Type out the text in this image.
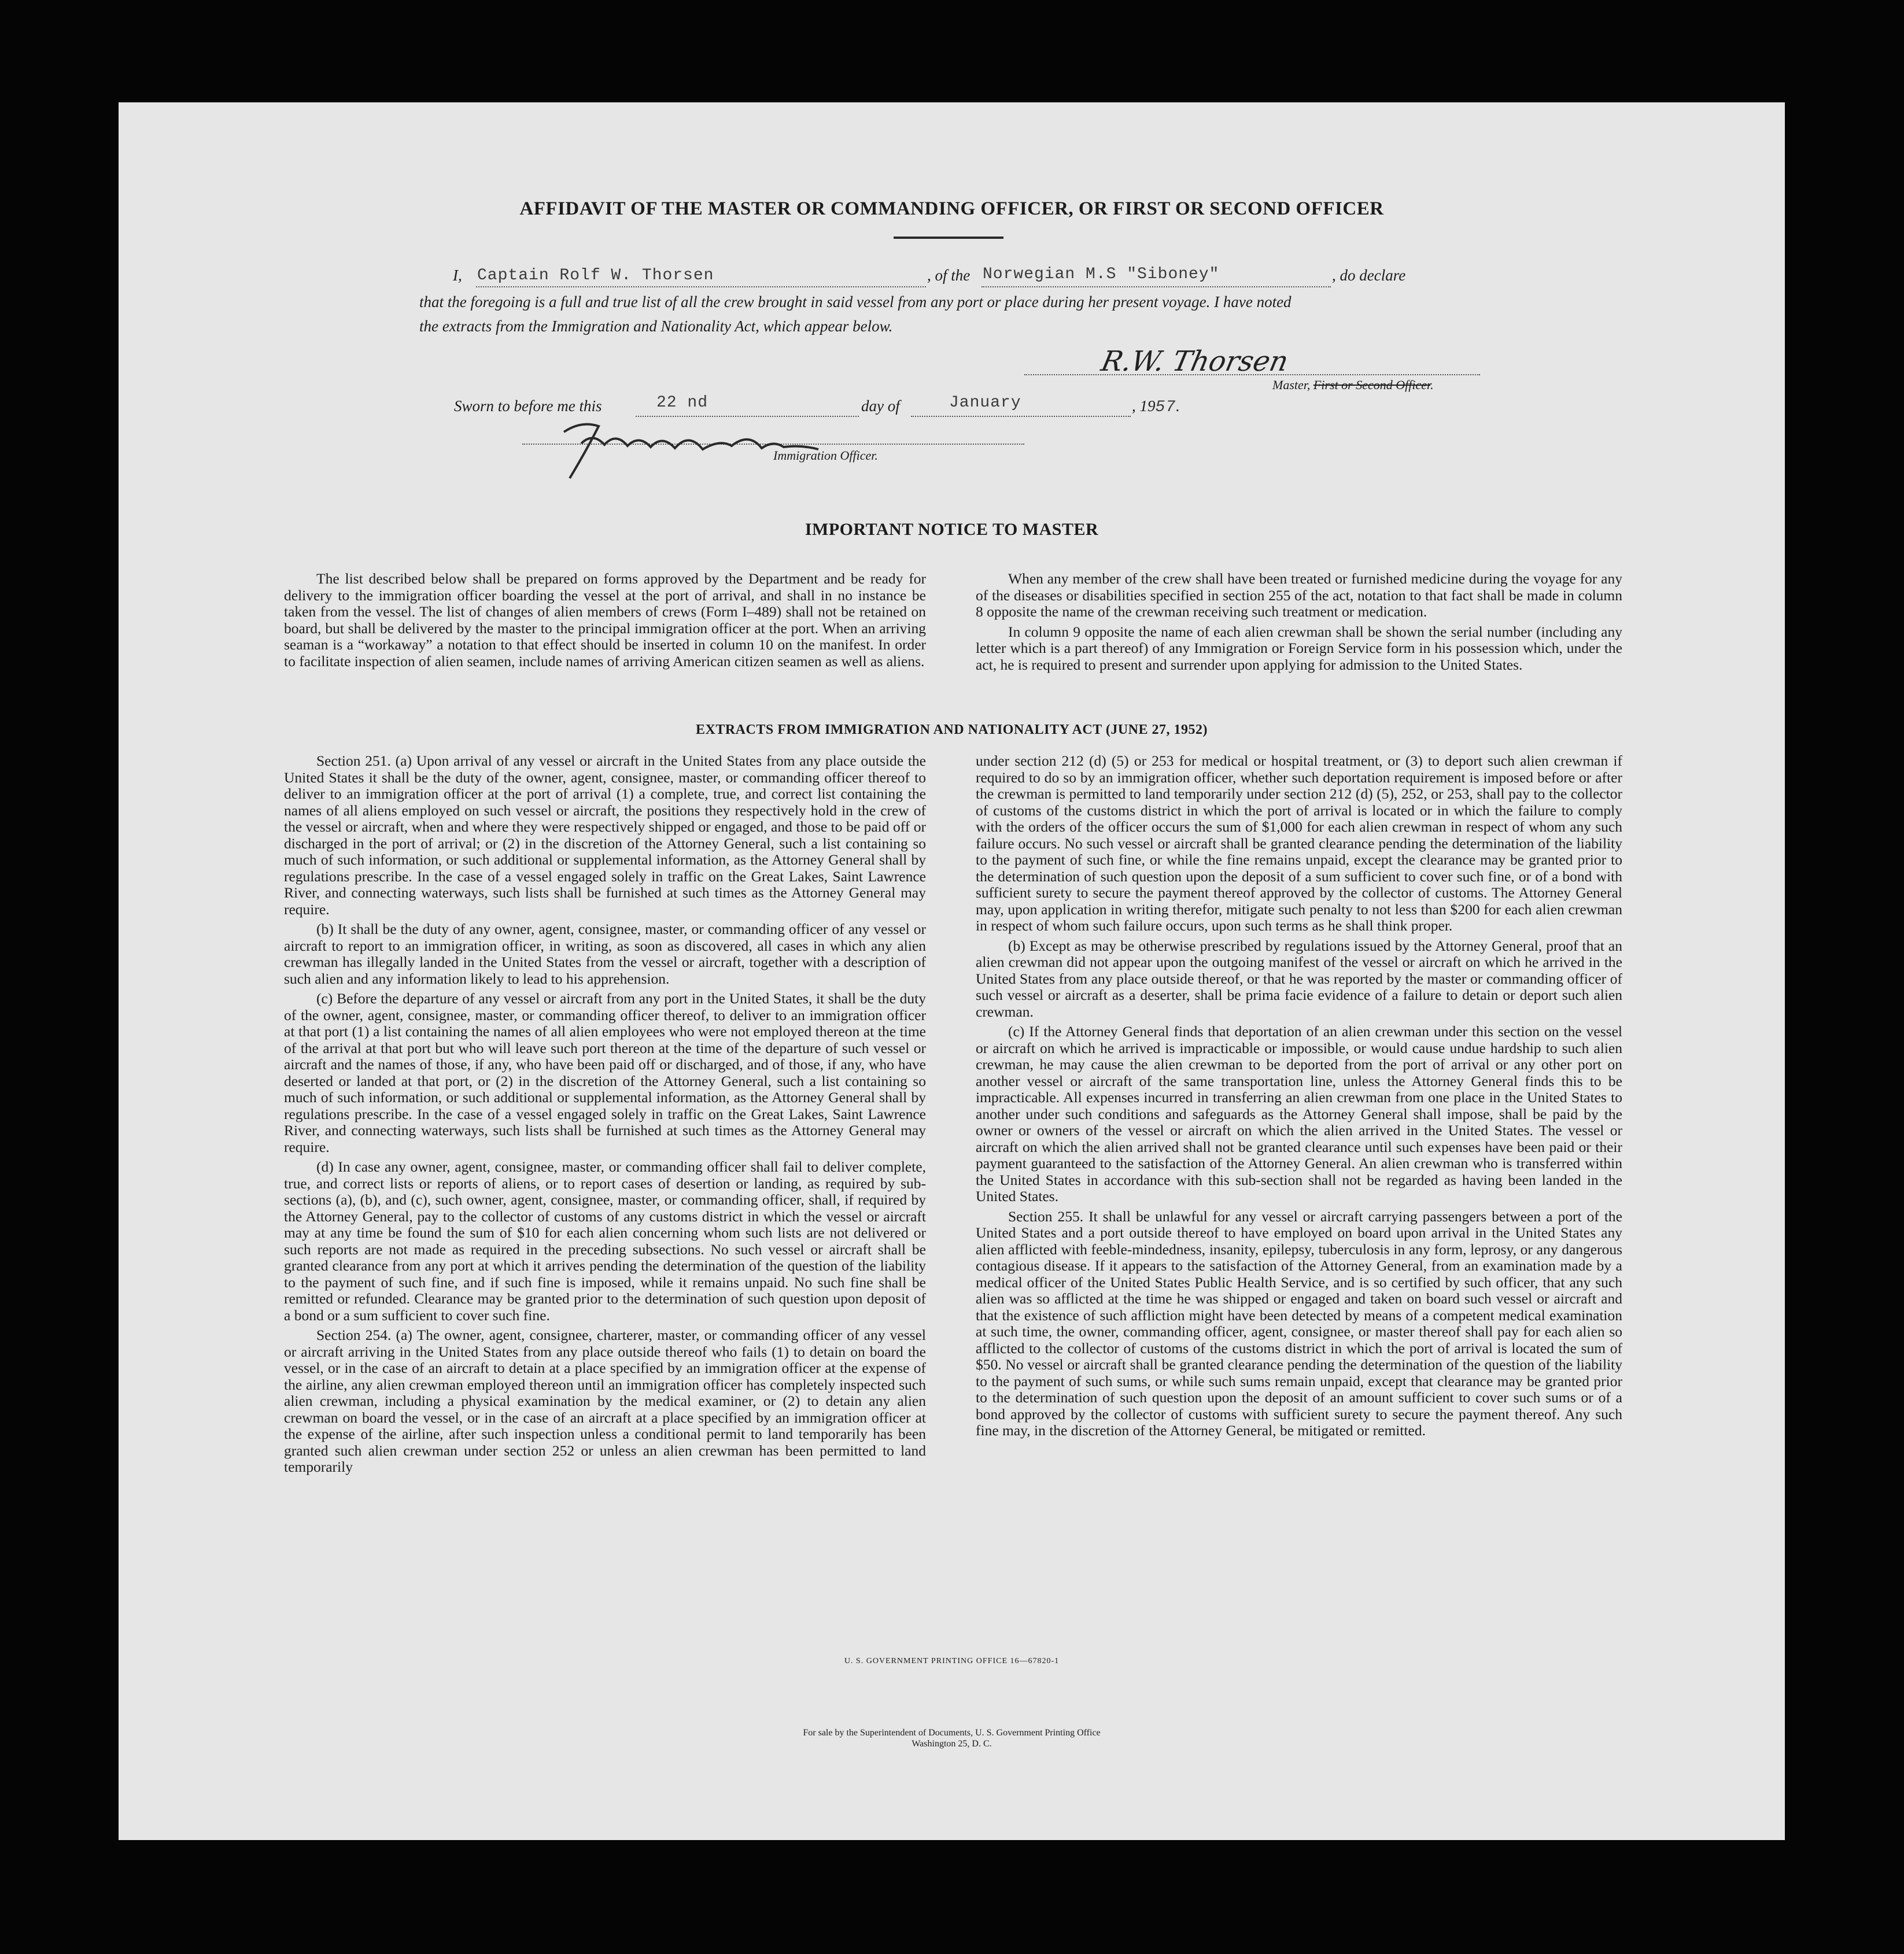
AFFIDAVIT OF THE MASTER OR COMMANDING OFFICER, OR FIRST OR SECOND OFFICER
I, Captain Rolf W. Thorsen	, of the Norwegian M.S "Siboney"	, do declare
that the foregoing is a full and true list of all the crew brought in said vessel from any port or place during her present voyage. I have noted
the extracts from the Immigration and Nationality Act, which appear below.
R.W. Thorsen
Master, First or Second Officer.
Sworn to before me this	22 nd	day of	January	, 1957.
Immigration Officer.
IMPORTANT NOTICE TO MASTER

The list described below shall be prepared on forms approved by the Department and be ready for delivery to the immigration officer boarding the vessel at the port of arrival, and shall in no instance be taken from the vessel. The list of changes of alien members of crews (Form I–489) shall not be retained on board, but shall be delivered by the master to the principal immigration officer at the port. When an arriving seaman is a “workaway” a notation to that effect should be inserted in column 10 on the manifest. In order to facilitate inspection of alien seamen, include names of arriving American citizen seamen as well as aliens.

When any member of the crew shall have been treated or furnished medicine during the voyage for any of the diseases or disabilities specified in section 255 of the act, notation to that fact shall be made in column 8 opposite the name of the crewman receiving such treatment or medication.

In column 9 opposite the name of each alien crewman shall be shown the serial number (including any letter which is a part thereof) of any Immigration or Foreign Service form in his possession which, under the act, he is required to present and surrender upon applying for admission to the United States.

EXTRACTS FROM IMMIGRATION AND NATIONALITY ACT (JUNE 27, 1952)

Section 251. (a) Upon arrival of any vessel or aircraft in the United States from any place outside the United States it shall be the duty of the owner, agent, consignee, master, or commanding officer thereof to deliver to an immigration officer at the port of arrival (1) a complete, true, and correct list containing the names of all aliens employed on such vessel or aircraft, the positions they respectively hold in the crew of the vessel or aircraft, when and where they were respectively shipped or engaged, and those to be paid off or discharged in the port of arrival; or (2) in the discretion of the Attorney General, such a list containing so much of such information, or such additional or supplemental information, as the Attorney General shall by regulations prescribe. In the case of a vessel engaged solely in traffic on the Great Lakes, Saint Lawrence River, and connecting waterways, such lists shall be furnished at such times as the Attorney General may require.

(b) It shall be the duty of any owner, agent, consignee, master, or commanding officer of any vessel or aircraft to report to an immigration officer, in writing, as soon as discovered, all cases in which any alien crewman has illegally landed in the United States from the vessel or aircraft, together with a description of such alien and any information likely to lead to his apprehension.

(c) Before the departure of any vessel or aircraft from any port in the United States, it shall be the duty of the owner, agent, consignee, master, or commanding officer thereof, to deliver to an immigration officer at that port (1) a list containing the names of all alien employees who were not employed thereon at the time of the arrival at that port but who will leave such port thereon at the time of the departure of such vessel or aircraft and the names of those, if any, who have been paid off or discharged, and of those, if any, who have deserted or landed at that port, or (2) in the discretion of the Attorney General, such a list containing so much of such information, or such additional or supplemental information, as the Attorney General shall by regulations prescribe. In the case of a vessel engaged solely in traffic on the Great Lakes, Saint Lawrence River, and connecting waterways, such lists shall be furnished at such times as the Attorney General may require.

(d) In case any owner, agent, consignee, master, or commanding officer shall fail to deliver complete, true, and correct lists or reports of aliens, or to report cases of desertion or landing, as required by sub-sections (a), (b), and (c), such owner, agent, consignee, master, or commanding officer, shall, if required by the Attorney General, pay to the collector of customs of any customs district in which the vessel or aircraft may at any time be found the sum of $10 for each alien concerning whom such lists are not delivered or such reports are not made as required in the preceding subsections. No such vessel or aircraft shall be granted clearance from any port at which it arrives pending the determination of the question of the liability to the payment of such fine, and if such fine is imposed, while it remains unpaid. No such fine shall be remitted or refunded. Clearance may be granted prior to the determination of such question upon deposit of a bond or a sum sufficient to cover such fine.

Section 254. (a) The owner, agent, consignee, charterer, master, or commanding officer of any vessel or aircraft arriving in the United States from any place outside thereof who fails (1) to detain on board the vessel, or in the case of an aircraft to detain at a place specified by an immigration officer at the expense of the airline, any alien crewman employed thereon until an immigration officer has completely inspected such alien crewman, including a physical examination by the medical examiner, or (2) to detain any alien crewman on board the vessel, or in the case of an aircraft at a place specified by an immigration officer at the expense of the airline, after such inspection unless a conditional permit to land temporarily has been granted such alien crewman under section 252 or unless an alien crewman has been permitted to land temporarily

under section 212 (d) (5) or 253 for medical or hospital treatment, or (3) to deport such alien crewman if required to do so by an immigration officer, whether such deportation requirement is imposed before or after the crewman is permitted to land temporarily under section 212 (d) (5), 252, or 253, shall pay to the collector of customs of the customs district in which the port of arrival is located or in which the failure to comply with the orders of the officer occurs the sum of $1,000 for each alien crewman in respect of whom any such failure occurs. No such vessel or aircraft shall be granted clearance pending the determination of the liability to the payment of such fine, or while the fine remains unpaid, except the clearance may be granted prior to the determination of such question upon the deposit of a sum sufficient to cover such fine, or of a bond with sufficient surety to secure the payment thereof approved by the collector of customs. The Attorney General may, upon application in writing therefor, mitigate such penalty to not less than $200 for each alien crewman in respect of whom such failure occurs, upon such terms as he shall think proper.

(b) Except as may be otherwise prescribed by regulations issued by the Attorney General, proof that an alien crewman did not appear upon the outgoing manifest of the vessel or aircraft on which he arrived in the United States from any place outside thereof, or that he was reported by the master or commanding officer of such vessel or aircraft as a deserter, shall be prima facie evidence of a failure to detain or deport such alien crewman.

(c) If the Attorney General finds that deportation of an alien crewman under this section on the vessel or aircraft on which he arrived is impracticable or impossible, or would cause undue hardship to such alien crewman, he may cause the alien crewman to be deported from the port of arrival or any other port on another vessel or aircraft of the same transportation line, unless the Attorney General finds this to be impracticable. All expenses incurred in transferring an alien crewman from one place in the United States to another under such conditions and safeguards as the Attorney General shall impose, shall be paid by the owner or owners of the vessel or aircraft on which the alien arrived in the United States. The vessel or aircraft on which the alien arrived shall not be granted clearance until such expenses have been paid or their payment guaranteed to the satisfaction of the Attorney General. An alien crewman who is transferred within the United States in accordance with this sub-section shall not be regarded as having been landed in the United States.

Section 255. It shall be unlawful for any vessel or aircraft carrying passengers between a port of the United States and a port outside thereof to have employed on board upon arrival in the United States any alien afflicted with feeble-mindedness, insanity, epilepsy, tuberculosis in any form, leprosy, or any dangerous contagious disease. If it appears to the satisfaction of the Attorney General, from an examination made by a medical officer of the United States Public Health Service, and is so certified by such officer, that any such alien was so afflicted at the time he was shipped or engaged and taken on board such vessel or aircraft and that the existence of such affliction might have been detected by means of a competent medical examination at such time, the owner, commanding officer, agent, consignee, or master thereof shall pay for each alien so afflicted to the collector of customs of the customs district in which the port of arrival is located the sum of $50. No vessel or aircraft shall be granted clearance pending the determination of the question of the liability to the payment of such sums, or while such sums remain unpaid, except that clearance may be granted prior to the determination of such question upon the deposit of an amount sufficient to cover such sums or of a bond approved by the collector of customs with sufficient surety to secure the payment thereof. Any such fine may, in the discretion of the Attorney General, be mitigated or remitted.

U. S. GOVERNMENT PRINTING OFFICE 16—67820-1
For sale by the Superintendent of Documents, U. S. Government Printing Office
Washington 25, D. C.
